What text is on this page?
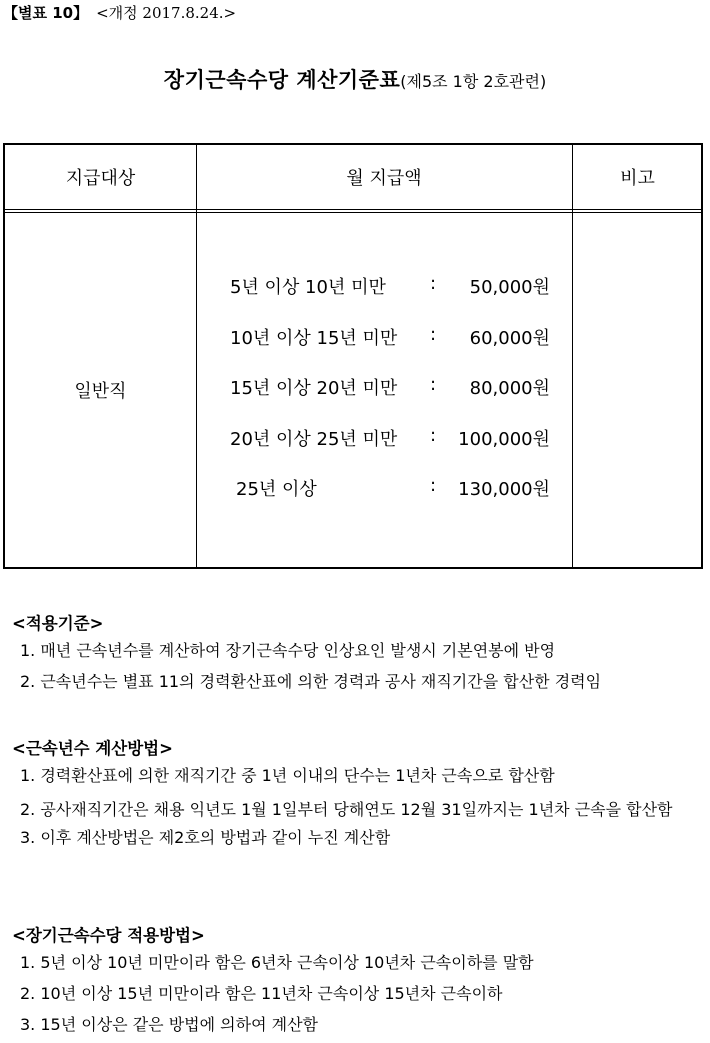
【별표 10】 <개정 2017.8.24.>
장기근속수당 계산기준표(제5조 1항 2호관련)
지급대상	월 지급액	비고
일반직
5년 이상 10년 미만 : 50,000원
10년 이상 15년 미만 : 60,000원
15년 이상 20년 미만 : 80,000원
20년 이상 25년 미만 : 100,000원
25년 이상	: 130,000원
<적용기준>
1. 매년 근속년수를 계산하여 장기근속수당 인상요인 발생시 기본연봉에 반영
2. 근속년수는 별표 11의 경력환산표에 의한 경력과 공사 재직기간을 합산한 경력임
<근속년수 계산방법>
1. 경력환산표에 의한 재직기간 중 1년 이내의 단수는 1년차 근속으로 합산함
2. 공사재직기간은 채용 익년도 1월 1일부터 당해연도 12월 31일까지는 1년차 근속을 합산함
3. 이후 계산방법은 제2호의 방법과 같이 누진 계산함
<장기근속수당 적용방법>
1. 5년 이상 10년 미만이라 함은 6년차 근속이상 10년차 근속이하를 말함
2. 10년 이상 15년 미만이라 함은 11년차 근속이상 15년차 근속이하
3. 15년 이상은 같은 방법에 의하여 계산함
